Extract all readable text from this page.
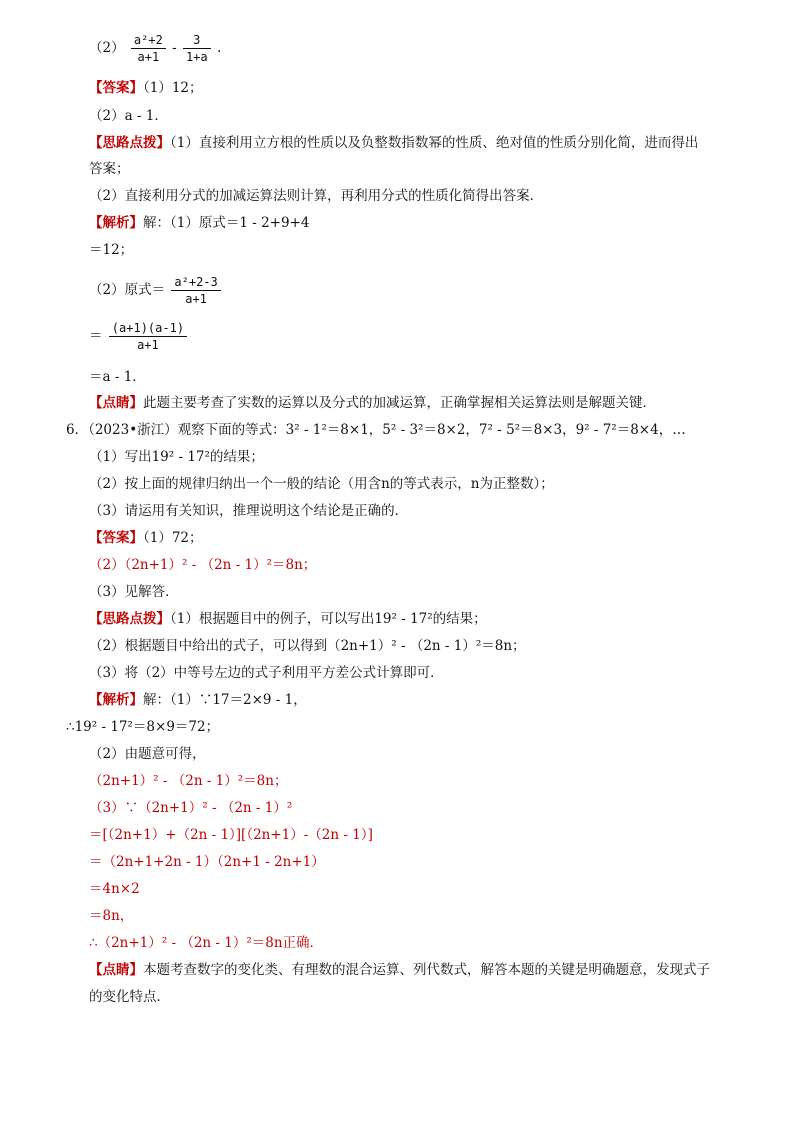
$(2) \frac{\text{a²+2}}{a+1} - \frac{3}{1+a}$ .
【答案】（1）12；
（2）a - 1．
【思路点拨】（1）直接利用立方根的性质以及负整数指数幂的性质、绝对值的性质分别化简，进而得出
答案；
（2）直接利用分式的加减运算法则计算，再利用分式的性质化简得出答案．
【解析】解：（1）原式＝1 - 2+9+4
＝12；
（2）原式＝ $\frac{\text{a²+2-3}}{a+1}$
＝ $\frac{(a+1)(a-1)}{a+1}$
＝a - 1．
【点睛】此题主要考查了实数的运算以及分式的加减运算，正确掌握相关运算法则是解题关键．
6．（2023•浙江）观察下面的等式：3² - 1²＝8×1，5² - 3²＝8×2，7² - 5²＝8×3，9² - 7²＝8×4，…
（1）写出19² - 17²的结果；
（2）按上面的规律归纳出一个一般的结论（用含n的等式表示，n为正整数）；
（3）请运用有关知识，推理说明这个结论是正确的．
【答案】（1）72；
（2）（2n+1）² - （2n - 1）²＝8n；
（3）见解答．
【思路点拨】（1）根据题目中的例子，可以写出19² - 17²的结果；
（2）根据题目中给出的式子，可以得到（2n+1）² - （2n - 1）²＝8n；
（3）将（2）中等号左边的式子利用平方差公式计算即可．
【解析】解：（1）∵17＝2×9 - 1，
∴19² - 17²＝8×9＝72；
（2）由题意可得，
（2n+1）² - （2n - 1）²＝8n；
（3）∵（2n+1）² - （2n - 1）²
＝[（2n+1）+（2n - 1）][（2n+1）-（2n - 1）]
＝（2n+1+2n - 1）（2n+1 - 2n+1）
＝4n×2
＝8n，
∴（2n+1）² - （2n - 1）²＝8n正确．
【点睛】本题考查数字的变化类、有理数的混合运算、列代数式，解答本题的关键是明确题意，发现式子
的变化特点．
